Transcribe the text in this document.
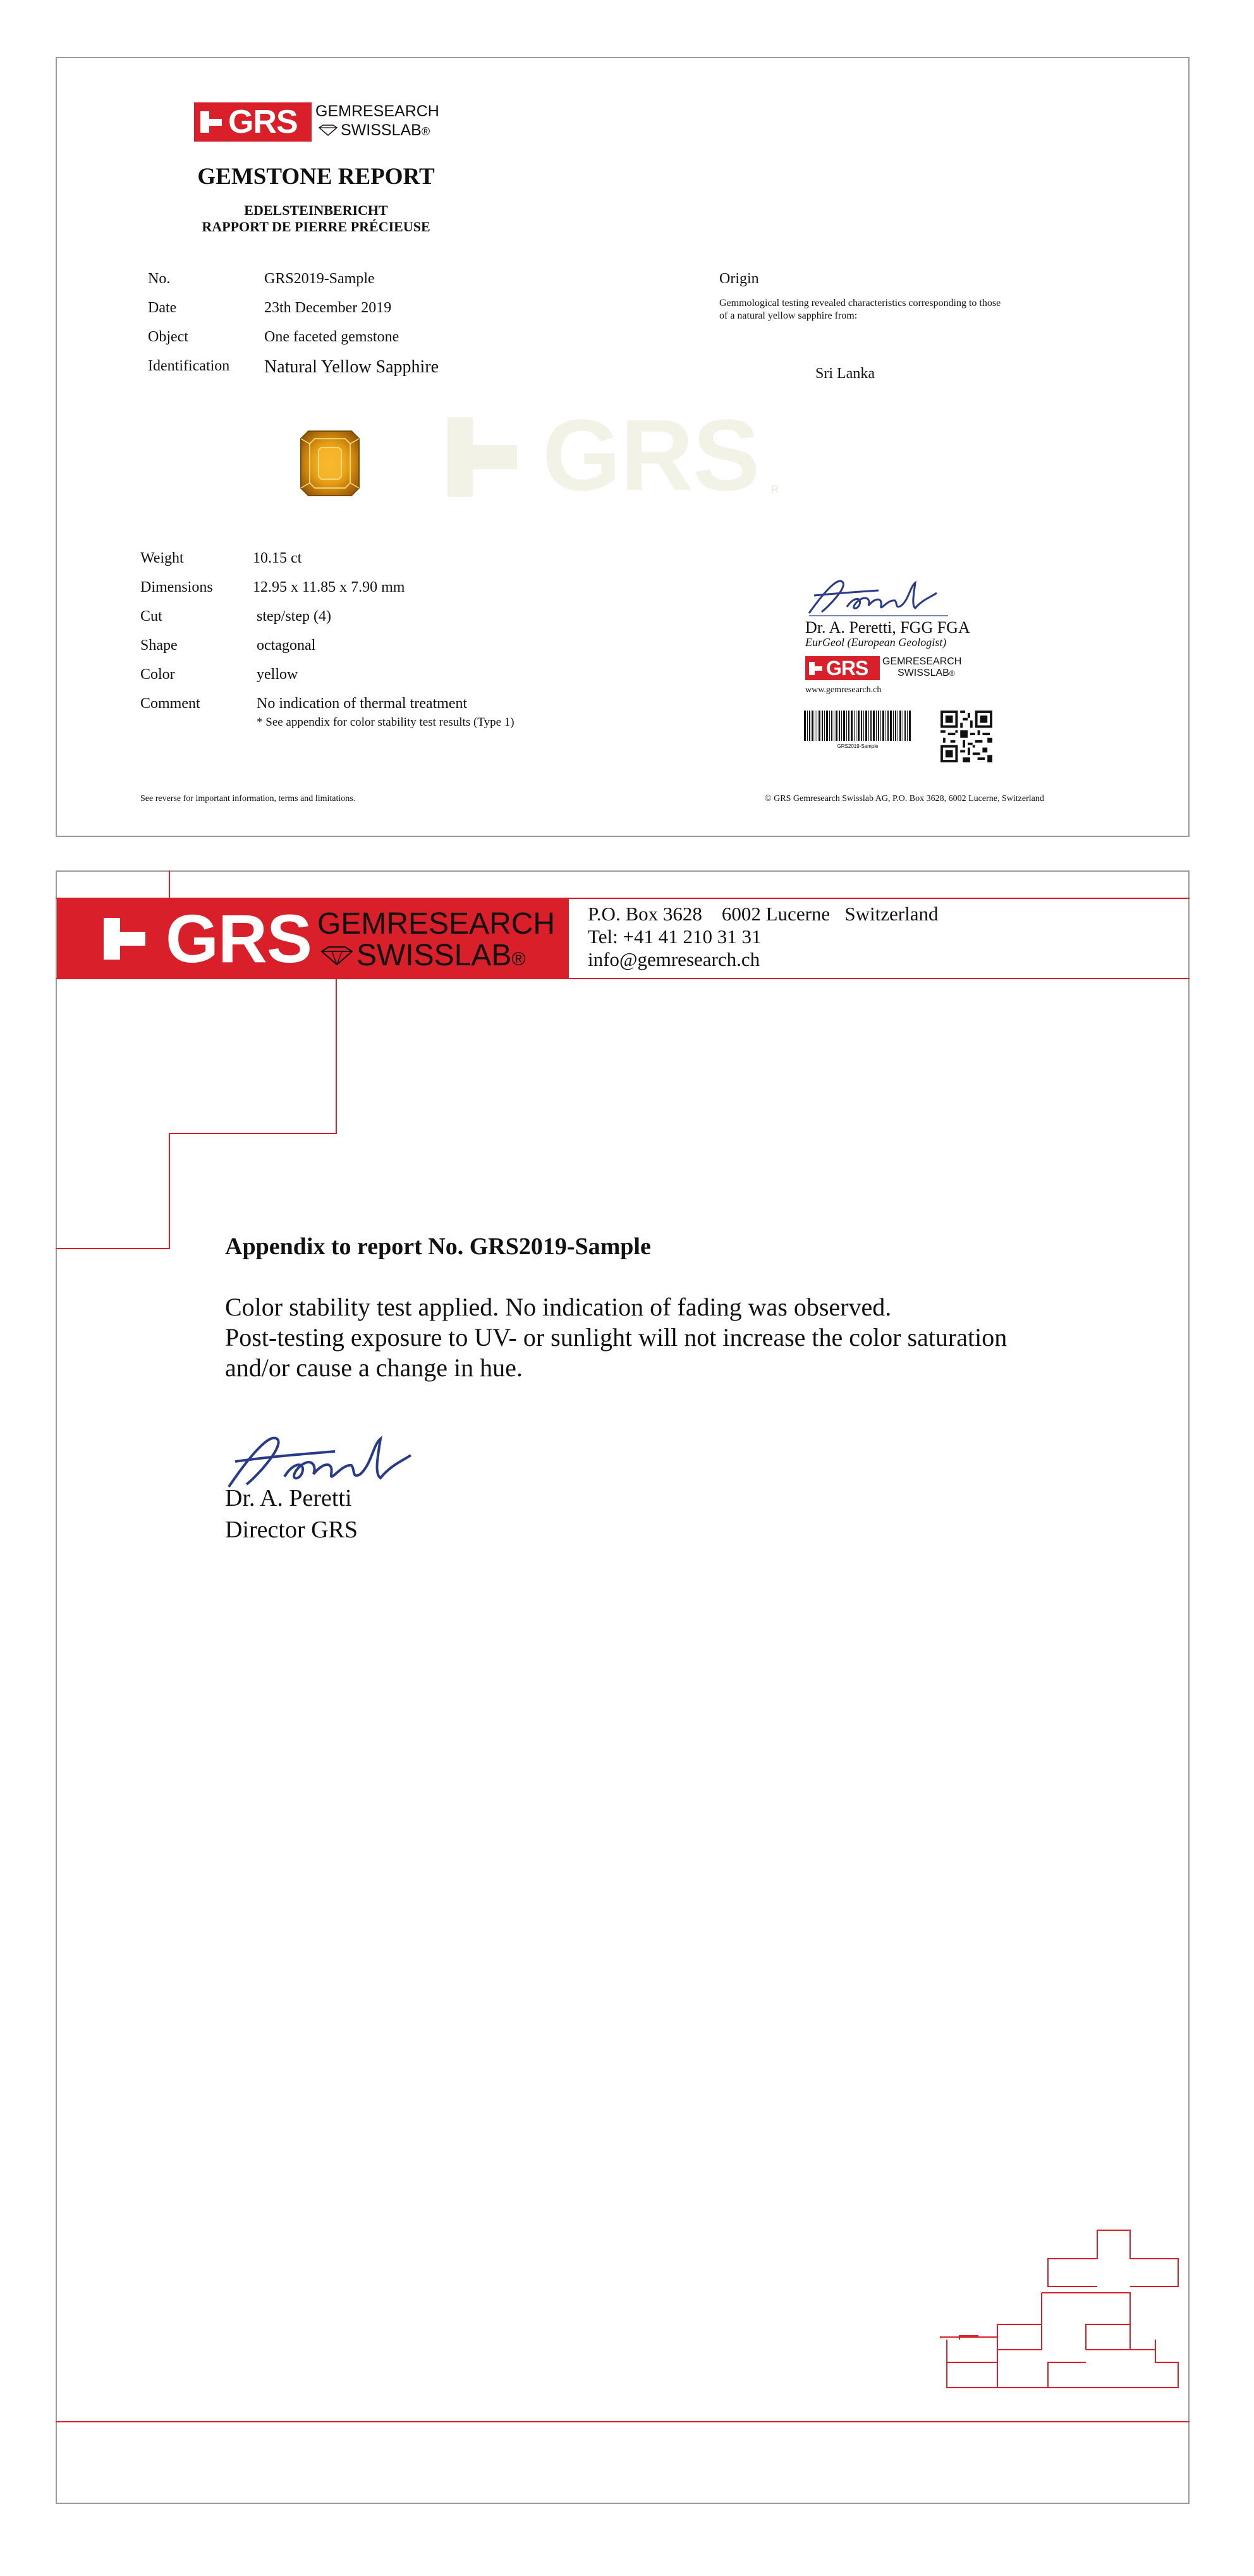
GRS GEMRESEARCH
SWISSLAB®
GEMSTONE REPORT
EDELSTEINBERICHT
RAPPORT DE PIERRE PRÉCIEUSE
No.	GRS2019-Sample
Date	23th December 2019
Object	One faceted gemstone
Identification Natural Yellow Sapphire
Origin
Gemmological testing revealed characteristics corresponding to those
of a natural yellow sapphire from:
Sri Lanka
GRS R
Weight	10.15 ct
Dimensions	12.95 x 11.85 x 7.90 mm
Cut	step/step (4)
Shape	octagonal
Color	yellow
Comment	No indication of thermal treatment
* See appendix for color stability test results (Type 1)
Dr. A. Peretti, FGG FGA
EurGeol (European Geologist)
GRS GEMRESEARCH
SWISSLAB®
www.gemresearch.ch
GRS2019-Sample
See reverse for important information, terms and limitations.	© GRS Gemresearch Swisslab AG, P.O. Box 3628, 6002 Lucerne, Switzerland
GRS GEMRESEARCH
SWISSLAB®
P.O. Box 3628    6002 Lucerne   Switzerland
Tel: +41 41 210 31 31
info@gemresearch.ch
Appendix to report No. GRS2019-Sample
Color stability test applied. No indication of fading was observed.
Post-testing exposure to UV- or sunlight will not increase the color saturation
and/or cause a change in hue.
Dr. A. Peretti
Director GRS
